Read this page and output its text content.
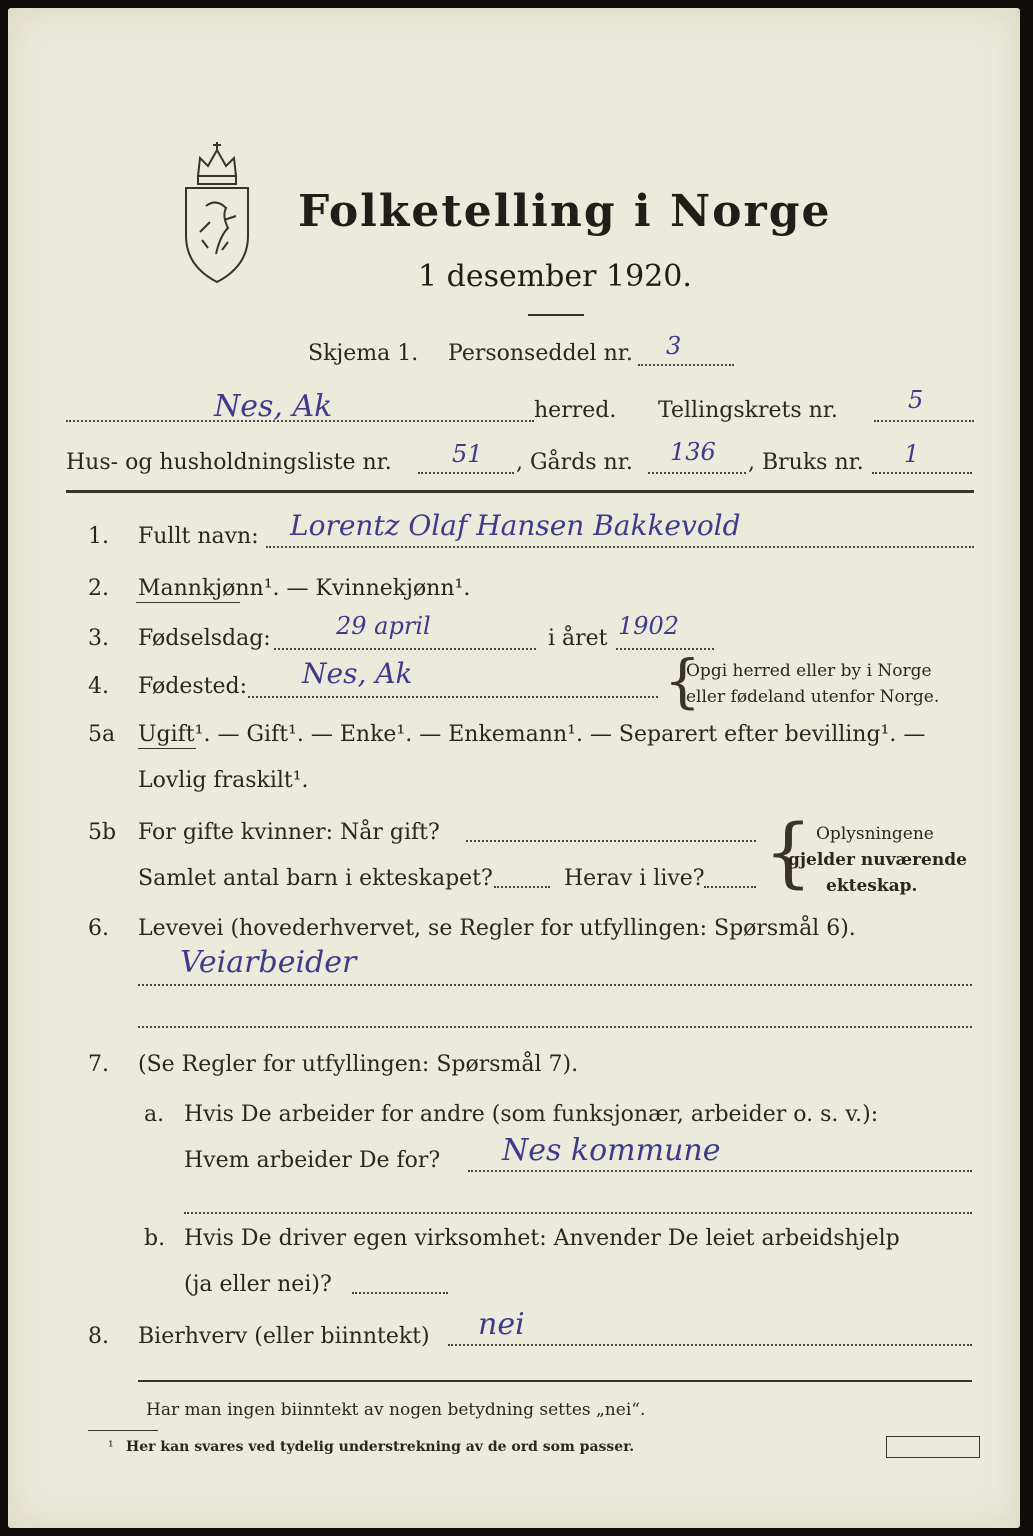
Folketelling i Norge
1 desember 1920.
Skjema 1. Personseddel nr. 3
Nes, Ak	herred. Tellingskrets nr.	5
Hus- og husholdningsliste nr.	51 , Gårds nr. 136 , Bruks nr. 1
1. Fullt navn: Lorentz Olaf Hansen Bakkevold
2. Mannkjønn¹. — Kvinnekjønn¹.
3. Fødselsdag:	29 april	i året 1902
4. Fødested: Nes, Ak	{
Opgi herred eller by i Norge
eller fødeland utenfor Norge.
5a Ugift¹. — Gift¹. — Enke¹. — Enkemann¹. — Separert efter bevilling¹. —
Lovlig fraskilt¹.
5b For gifte kvinner: Når gift?
Samlet antal barn i ekteskapet?	Herav i live? { Oplysningene
gjelder nuværende
ekteskap.
6. Levevei (hovederhvervet, se Regler for utfyllingen: Spørsmål 6).
Veiarbeider
7. (Se Regler for utfyllingen: Spørsmål 7).
a. Hvis De arbeider for andre (som funksjonær, arbeider o. s. v.):
Hvem arbeider De for? Nes kommune
b. Hvis De driver egen virksomhet: Anvender De leiet arbeidshjelp
(ja eller nei)?
8. Bierhverv (eller biinntekt) nei
Har man ingen biinntekt av nogen betydning settes „nei“.
¹ Her kan svares ved tydelig understrekning av de ord som passer.
